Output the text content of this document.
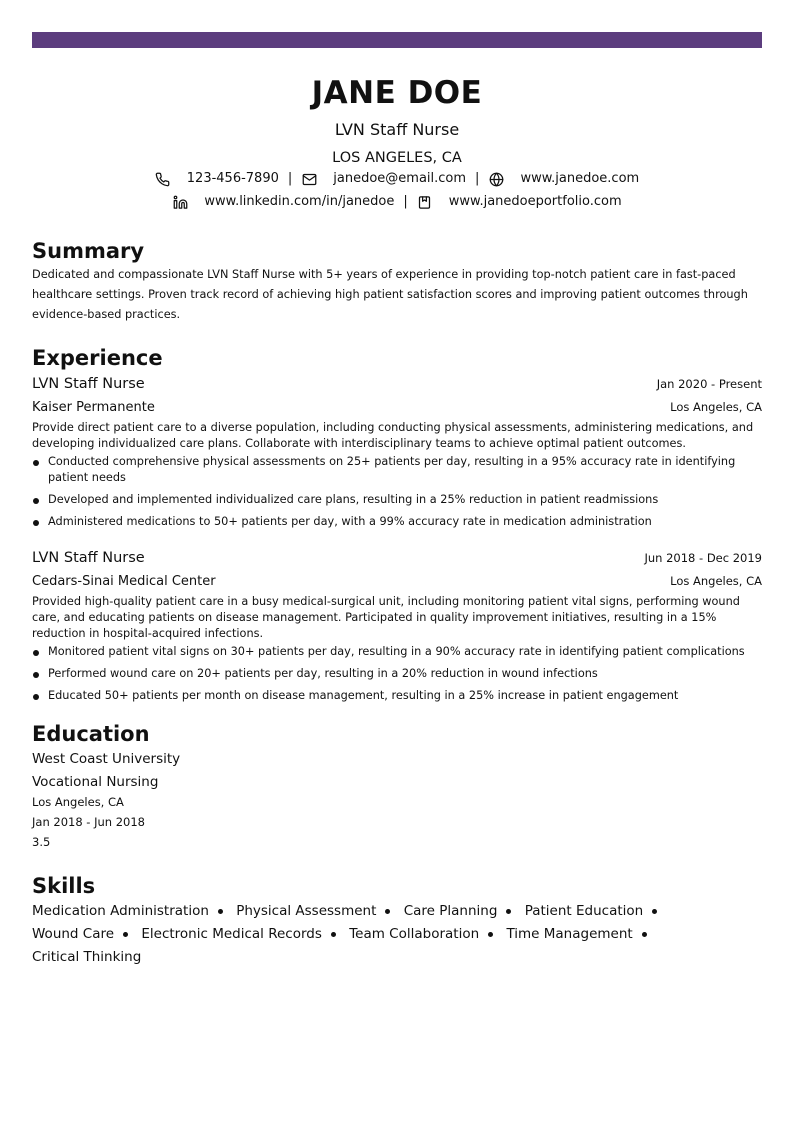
JANE DOE
LVN Staff Nurse
LOS ANGELES, CA
123-456-7890 |	janedoe@email.com |	www.janedoe.com
www.linkedin.com/in/janedoe |	www.janedoeportfolio.com
Summary
Dedicated and compassionate LVN Staff Nurse with 5+ years of experience in providing top-notch patient care in fast-paced healthcare settings. Proven track record of achieving high patient satisfaction scores and improving patient outcomes through evidence-based practices.
Experience
LVN Staff Nurse	Jan 2020 - Present
Kaiser Permanente	Los Angeles, CA
Provide direct patient care to a diverse population, including conducting physical assessments, administering medications, and developing individualized care plans. Collaborate with interdisciplinary teams to achieve optimal patient outcomes.
Conducted comprehensive physical assessments on 25+ patients per day, resulting in a 95% accuracy rate in identifying patient needs
Developed and implemented individualized care plans, resulting in a 25% reduction in patient readmissions
Administered medications to 50+ patients per day, with a 99% accuracy rate in medication administration
LVN Staff Nurse	Jun 2018 - Dec 2019
Cedars-Sinai Medical Center	Los Angeles, CA
Provided high-quality patient care in a busy medical-surgical unit, including monitoring patient vital signs, performing wound care, and educating patients on disease management. Participated in quality improvement initiatives, resulting in a 15% reduction in hospital-acquired infections.
Monitored patient vital signs on 30+ patients per day, resulting in a 90% accuracy rate in identifying patient complications
Performed wound care on 20+ patients per day, resulting in a 20% reduction in wound infections
Educated 50+ patients per month on disease management, resulting in a 25% increase in patient engagement
Education
West Coast University
Vocational Nursing
Los Angeles, CA
Jan 2018 - Jun 2018
3.5
Skills
Medication Administration Physical Assessment Care Planning Patient Education Wound Care Electronic Medical Records Team Collaboration Time Management Critical Thinking
